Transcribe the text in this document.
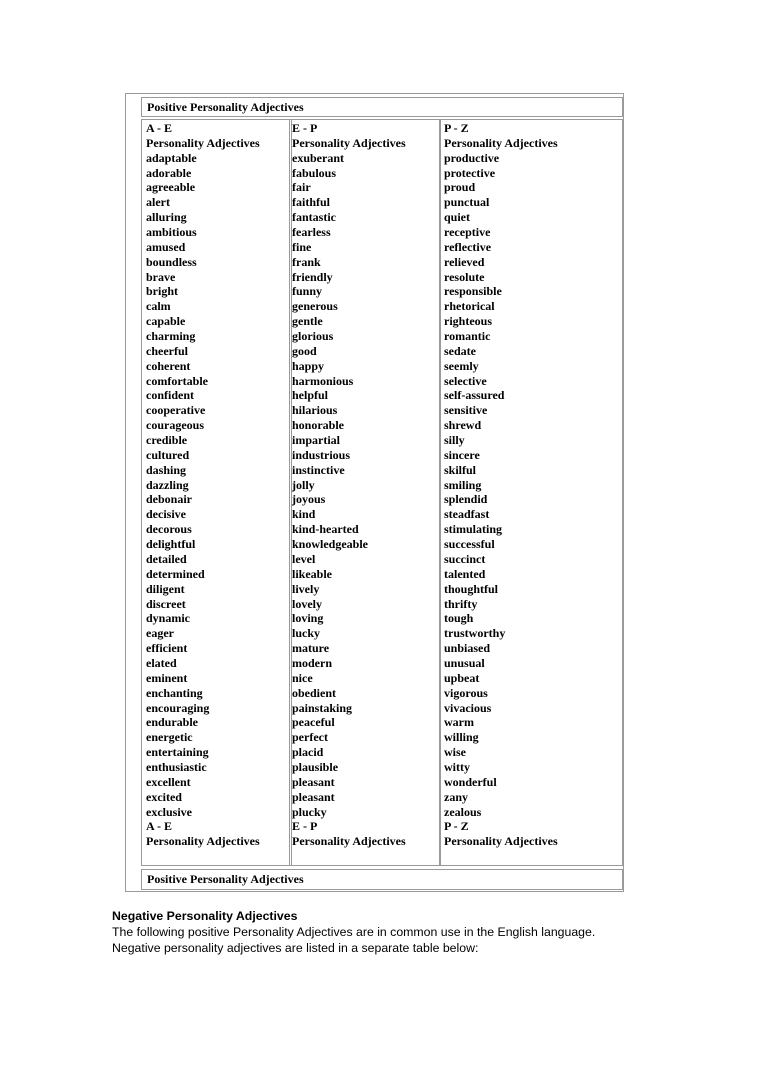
Positive Personality Adjectives
A - E
Personality Adjectives
adaptable
adorable
agreeable
alert
alluring
ambitious
amused
boundless
brave
bright
calm
capable
charming
cheerful
coherent
comfortable
confident
cooperative
courageous
credible
cultured
dashing
dazzling
debonair
decisive
decorous
delightful
detailed
determined
diligent
discreet
dynamic
eager
efficient
elated
eminent
enchanting
encouraging
endurable
energetic
entertaining
enthusiastic
excellent
excited
exclusive
A - E
Personality Adjectives
E - P
Personality Adjectives
exuberant
fabulous
fair
faithful
fantastic
fearless
fine
frank
friendly
funny
generous
gentle
glorious
good
happy
harmonious
helpful
hilarious
honorable
impartial
industrious
instinctive
jolly
joyous
kind
kind-hearted
knowledgeable
level
likeable
lively
lovely
loving
lucky
mature
modern
nice
obedient
painstaking
peaceful
perfect
placid
plausible
pleasant
pleasant
plucky
E - P
Personality Adjectives
P - Z
Personality Adjectives
productive
protective
proud
punctual
quiet
receptive
reflective
relieved
resolute
responsible
rhetorical
righteous
romantic
sedate
seemly
selective
self-assured
sensitive
shrewd
silly
sincere
skilful
smiling
splendid
steadfast
stimulating
successful
succinct
talented
thoughtful
thrifty
tough
trustworthy
unbiased
unusual
upbeat
vigorous
vivacious
warm
willing
wise
witty
wonderful
zany
zealous
P - Z
Personality Adjectives
Positive Personality Adjectives
Negative Personality Adjectives
The following positive Personality Adjectives are in common use in the English language.
Negative personality adjectives are listed in a separate table below:
